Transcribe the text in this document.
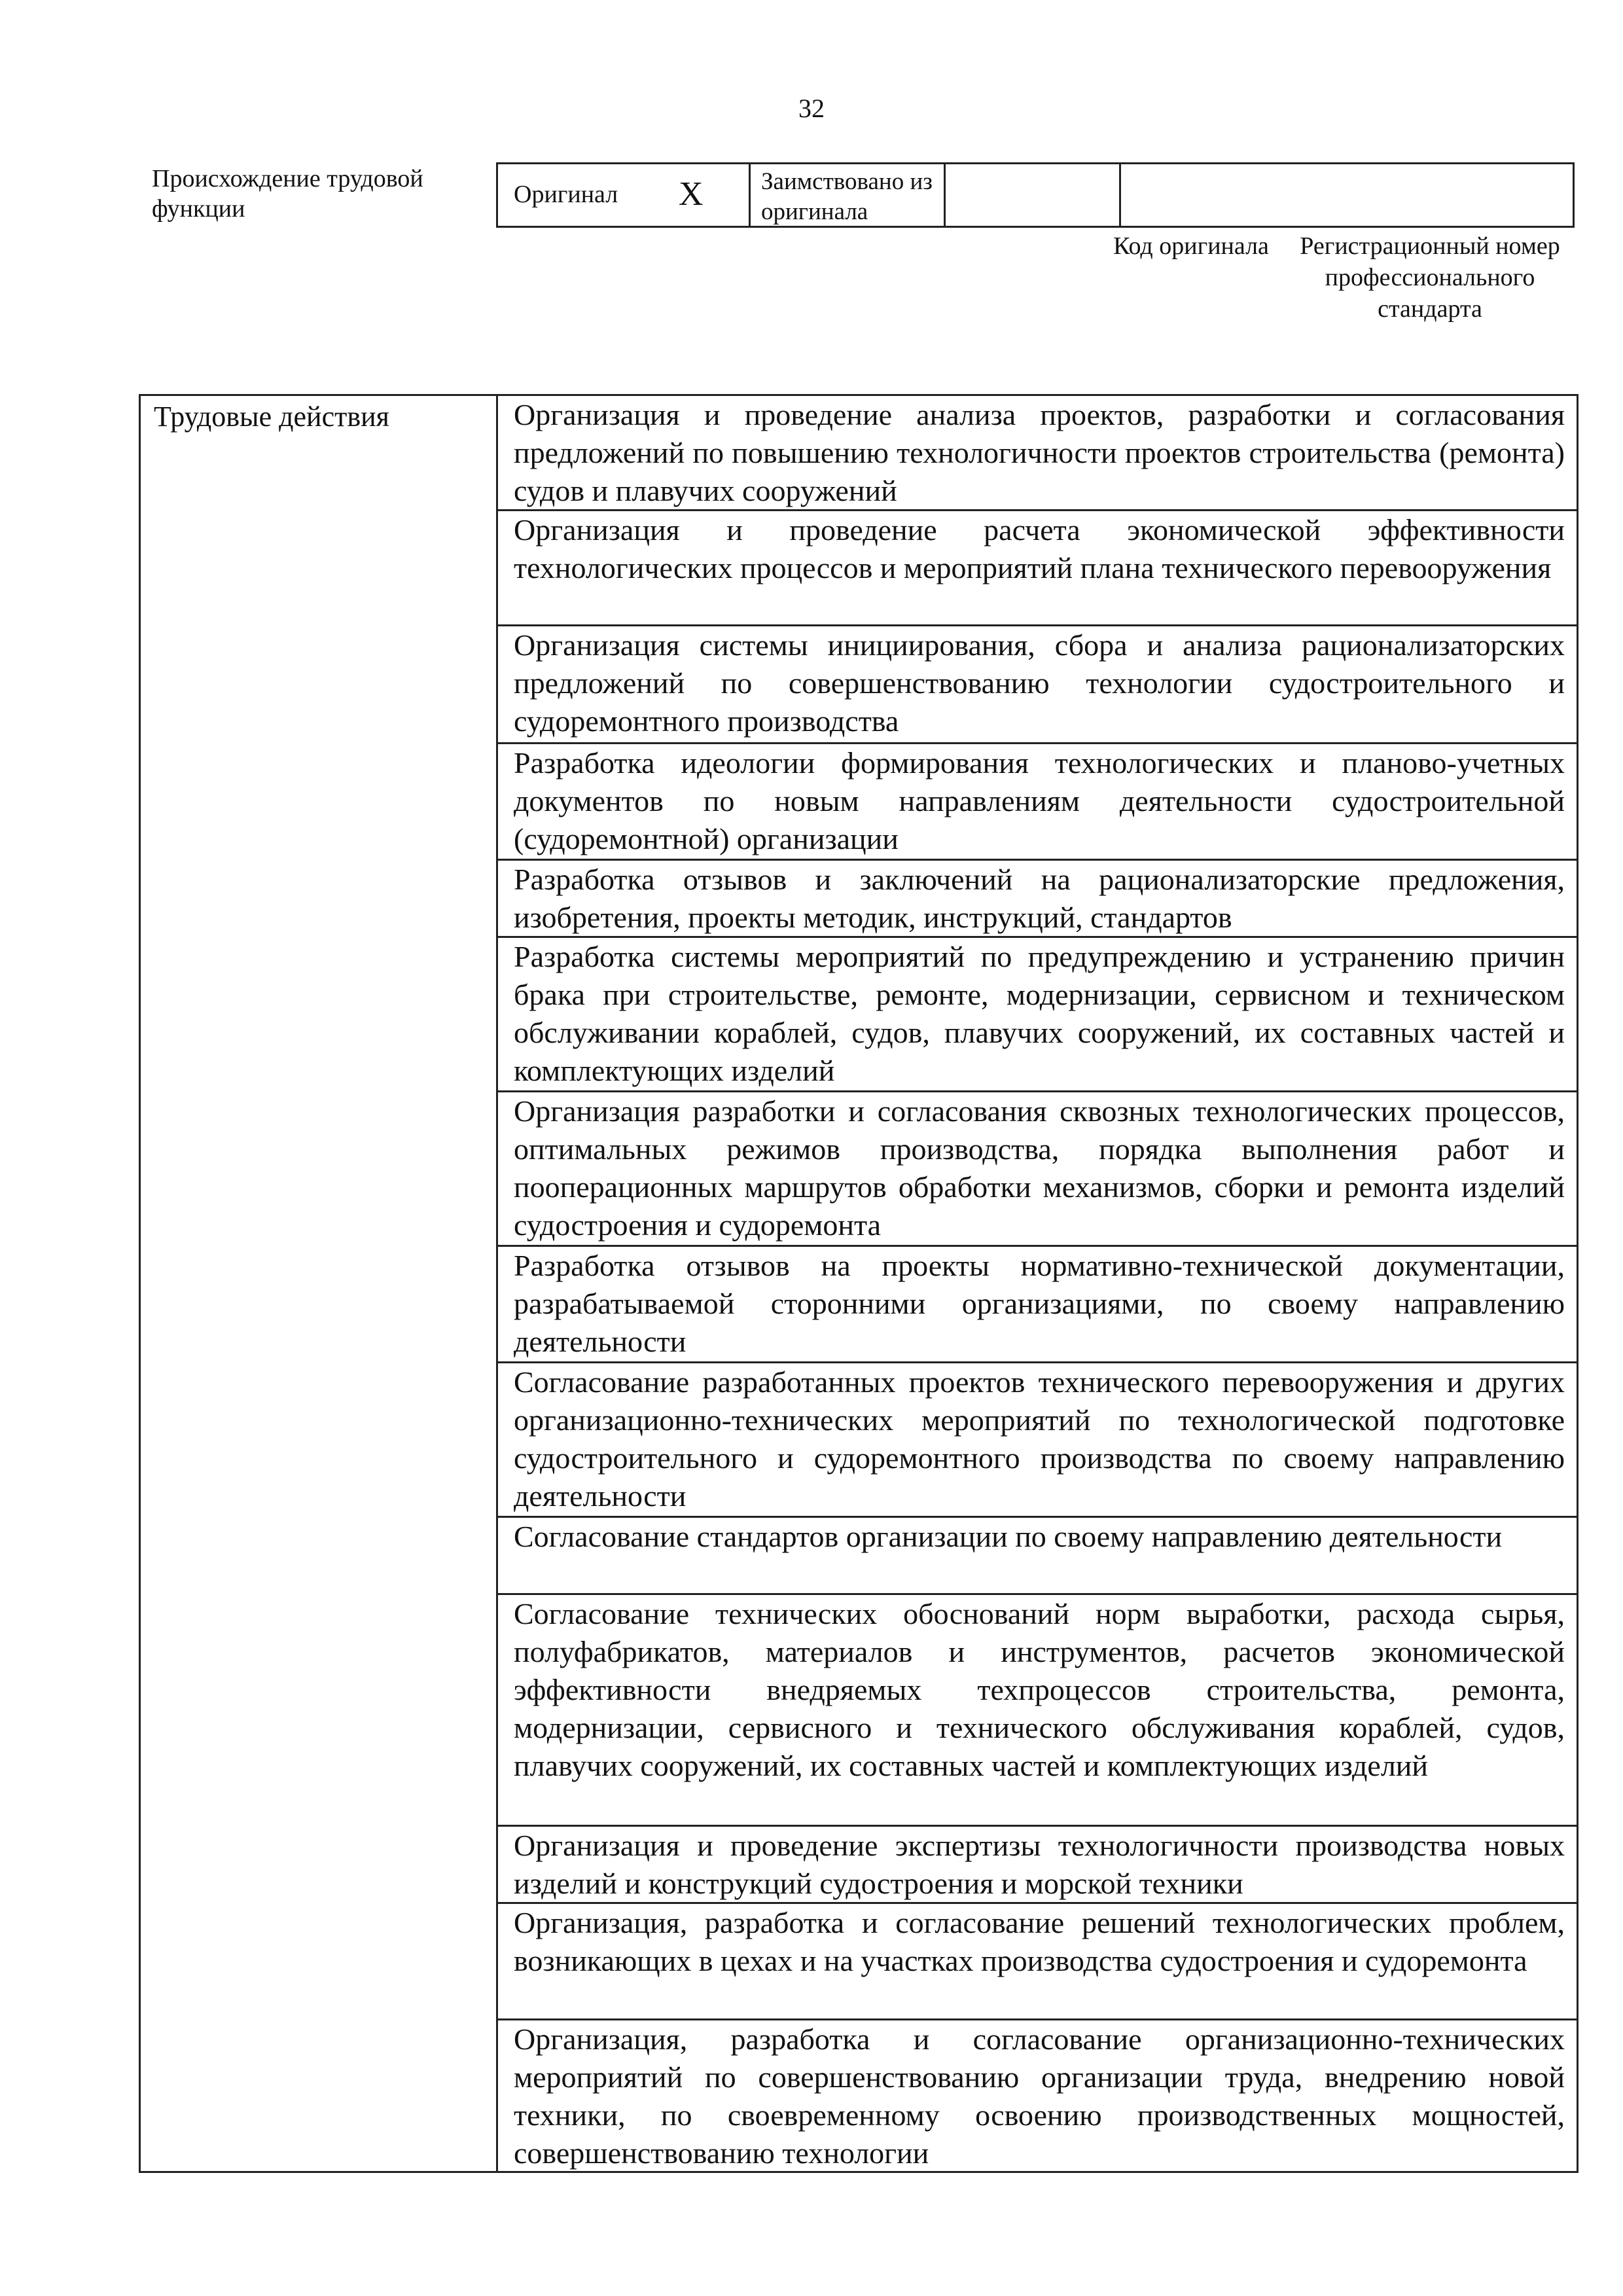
32
Происхождение трудовой функции
Оригинал X Заимствовано из оригинала
Код оригинала	Регистрационный номер профессионального стандарта
Трудовые действия	Организация и проведение анализа проектов, разработки и согласования предложений по повышению технологичности проектов строительства (ремонта) судов и плавучих сооружений
Организация и проведение расчета экономической эффективности технологических процессов и мероприятий плана технического перевооружения
Организация системы инициирования, сбора и анализа рационализаторских предложений по совершенствованию технологии судостроительного и судоремонтного производства
Разработка идеологии формирования технологических и планово-учетных документов по новым направлениям деятельности судостроительной (судоремонтной) организации
Разработка отзывов и заключений на рационализаторские предложения, изобретения, проекты методик, инструкций, стандартов
Разработка системы мероприятий по предупреждению и устранению причин брака при строительстве, ремонте, модернизации, сервисном и техническом обслуживании кораблей, судов, плавучих сооружений, их составных частей и комплектующих изделий
Организация разработки и согласования сквозных технологических процессов, оптимальных режимов производства, порядка выполнения работ и пооперационных маршрутов обработки механизмов, сборки и ремонта изделий судостроения и судоремонта
Разработка отзывов на проекты нормативно-технической документации, разрабатываемой сторонними организациями, по своему направлению деятельности
Согласование разработанных проектов технического перевооружения и других организационно-технических мероприятий по технологической подготовке судостроительного и судоремонтного производства по своему направлению деятельности
Согласование стандартов организации по своему направлению деятельности
Согласование технических обоснований норм выработки, расхода сырья, полуфабрикатов, материалов и инструментов, расчетов экономической эффективности внедряемых техпроцессов строительства, ремонта, модернизации, сервисного и технического обслуживания кораблей, судов, плавучих сооружений, их составных частей и комплектующих изделий
Организация и проведение экспертизы технологичности производства новых изделий и конструкций судостроения и морской техники
Организация, разработка и согласование решений технологических проблем, возникающих в цехах и на участках производства судостроения и судоремонта
Организация, разработка и согласование организационно-технических мероприятий по совершенствованию организации труда, внедрению новой техники, по своевременному освоению производственных мощностей, совершенствованию технологии
